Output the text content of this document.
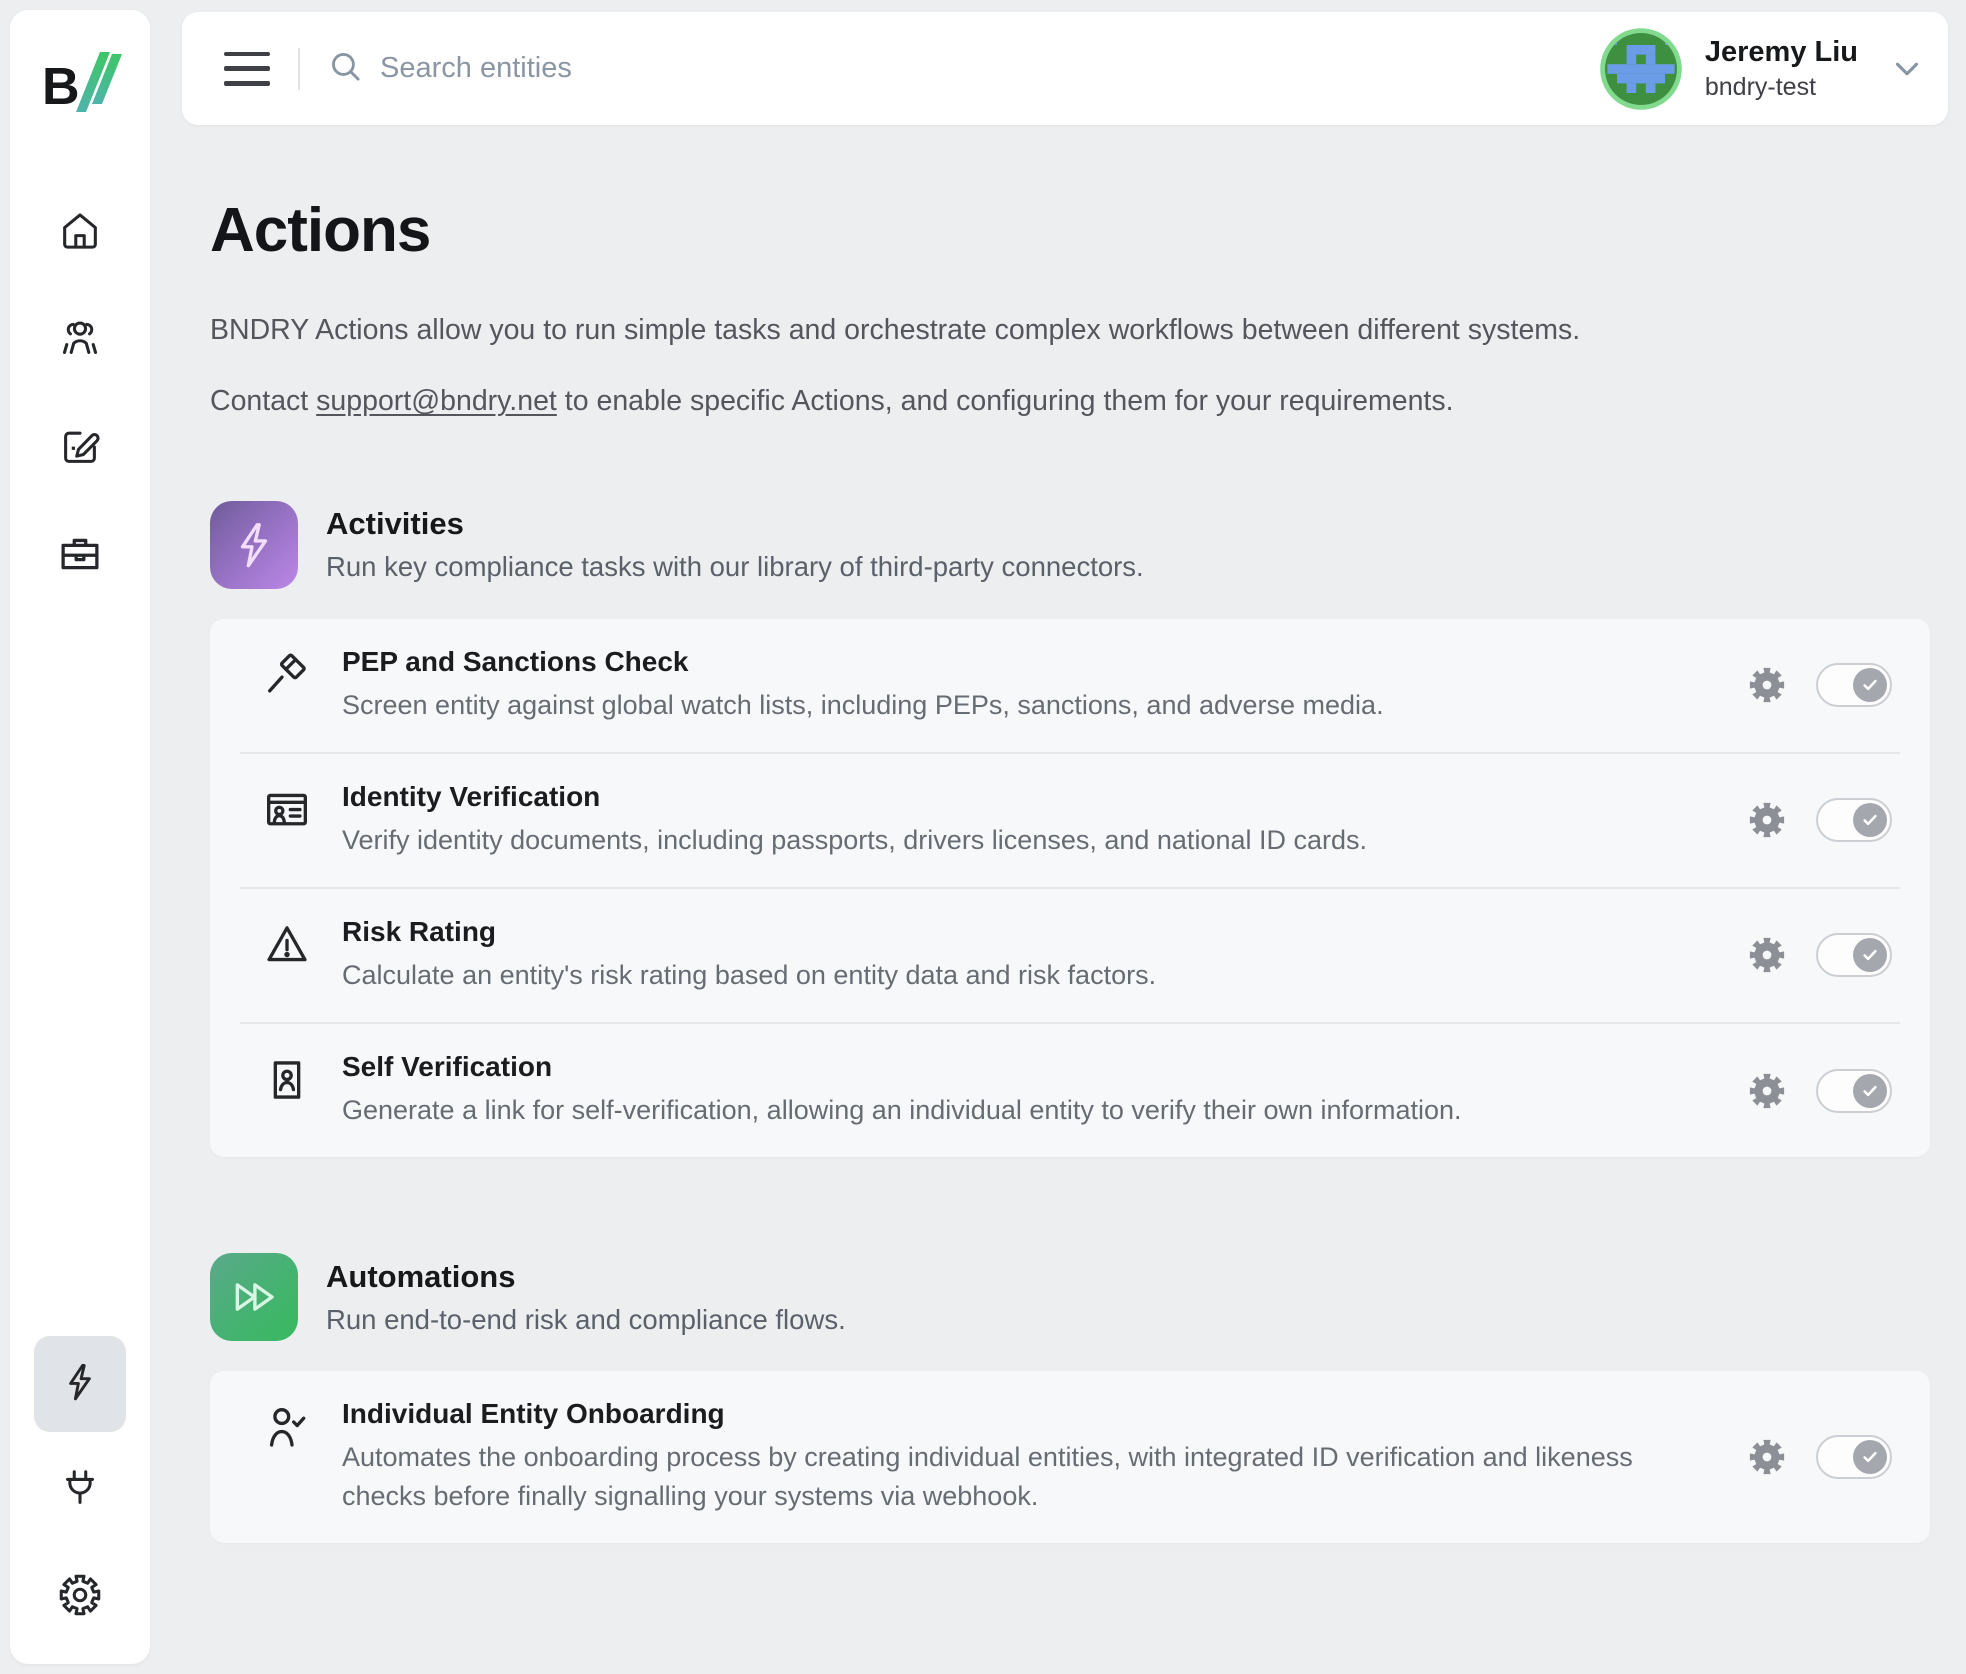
B
Search entities
Jeremy Liu
bndry-test
Actions

BNDRY Actions allow you to run simple tasks and orchestrate complex workflows between different systems.

Contact support@bndry.net to enable specific Actions, and configuring them for your requirements.

Activities
Run key compliance tasks with our library of third-party connectors.
PEP and Sanctions Check
Screen entity against global watch lists, including PEPs, sanctions, and adverse media.
Identity Verification
Verify identity documents, including passports, drivers licenses, and national ID cards.
Risk Rating
Calculate an entity's risk rating based on entity data and risk factors.
Self Verification
Generate a link for self-verification, allowing an individual entity to verify their own information.
Automations
Run end-to-end risk and compliance flows.
Individual Entity Onboarding
Automates the onboarding process by creating individual entities, with integrated ID verification and likeness checks before finally signalling your systems via webhook.
